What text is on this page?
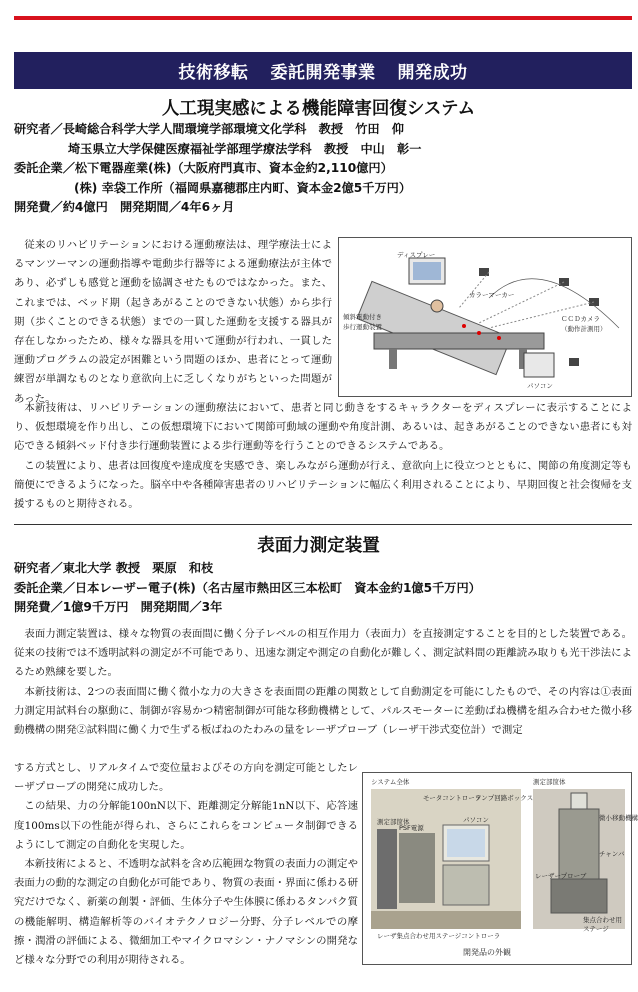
技術移転 委託開発事業 開発成功
人工現実感による機能障害回復システム
研究者／長崎総合科学大学人間環境学部環境文化学科　教授　竹田　仰
埼玉県立大学保健医療福祉学部理学療法学科　教授　中山　彰一
委託企業／松下電器産業(株)（大阪府門真市、資本金約2,110億円）
(株) 幸袋工作所（福岡県嘉穂郡庄内町、資本金2億5千万円）
開発費／約4億円　開発期間／4年6ヶ月

従来のリハビリテーションにおける運動療法は、理学療法士によるマンツーマンの運動指導や電動歩行器等による運動療法が主体であり、必ずしも感覚と運動を協調させたものではなかった。また、これまでは、ベッド期（起きあがることのできない状態）から歩行期（歩くことのできる状態）までの一貫した運動を支援する器具が存在しなかったため、様々な器具を用いて運動が行われ、一貫した運動プログラムの設定が困難という問題のほか、患者にとって運動練習が単調なものとなり意欲向上に乏しくなりがちといった問題があった。

ディスプレー
ＣＣＤカメラ
（動作計測用）
カラーマーカー
傾斜電動付き
歩行運動装置
パソコン

本新技術は、リハビリテーションの運動療法において、患者と同じ動きをするキャラクターをディスプレーに表示することにより、仮想環境を作り出し、この仮想環境下において関節可動域の運動や角度計測、あるいは、起きあがることのできない患者にも対応できる傾斜ベッド付き歩行運動装置による歩行運動等を行うことのできるシステムである。

この装置により、患者は回復度や達成度を実感でき、楽しみながら運動が行え、意欲向上に役立つとともに、関節の角度測定等も簡便にできるようになった。脳卒中や各種障害患者のリハビリテーションに幅広く利用されることにより、早期回復と社会復帰を支援するものと期待される。

表面力測定装置
研究者／東北大学 教授　栗原　和枝
委託企業／日本レーザー電子(株)（名古屋市熱田区三本松町　資本金約1億5千万円）
開発費／1億9千万円　開発期間／3年

表面力測定装置は、様々な物質の表面間に働く分子レベルの相互作用力（表面力）を直接測定することを目的とした装置である。従来の技術では不透明試料の測定が不可能であり、迅速な測定や測定の自動化が難しく、測定試料間の距離読み取りも光干渉法によるため熟練を要した。

本新技術は、2つの表面間に働く微小な力の大きさを表面間の距離の関数として自動測定を可能にしたもので、その内容は①表面力測定用試料台の駆動に、制御が容易かつ精密制御が可能な移動機構として、パルスモーターに差動ばね機構を組み合わせた微小移動機構の開発②試料間に働く力で生ずる板ばねのたわみの量をレーザプローブ（レーザ干渉式変位計）で測定

する方式とし、リアルタイムで変位量およびその方向を測定可能としたレーザプローブの開発に成功した。

この結果、力の分解能100nN以下、距離測定分解能1nN以下、応答速度100ms以下の性能が得られ、さらにこれらをコンピュータ制御できるようにして測定の自動化を実現した。

本新技術によると、不透明な試料を含め広範囲な物質の表面力の測定や表面力の動的な測定の自動化が可能であり、物質の表面・界面に係わる研究だけでなく、新薬の創製・評価、生体分子や生体膜に係わるタンパク質の機能解明、構造解析等のバイオテクノロジー分野、分子レベルでの摩擦・潤滑の評価による、微細加工やマイクロマシン・ナノマシンの開発など様々な分野での利用が期待される。

システム全体	測定部筐体
モータコントローラ
アンプ回路ボックス
パソコン
測定部筐体
PSF電源
微小移動機構
チャンバ
レーザープローブ
集点合わせ用
ステージ
レーザ集点合わせ用ステージコントローラ
開発品の外観
